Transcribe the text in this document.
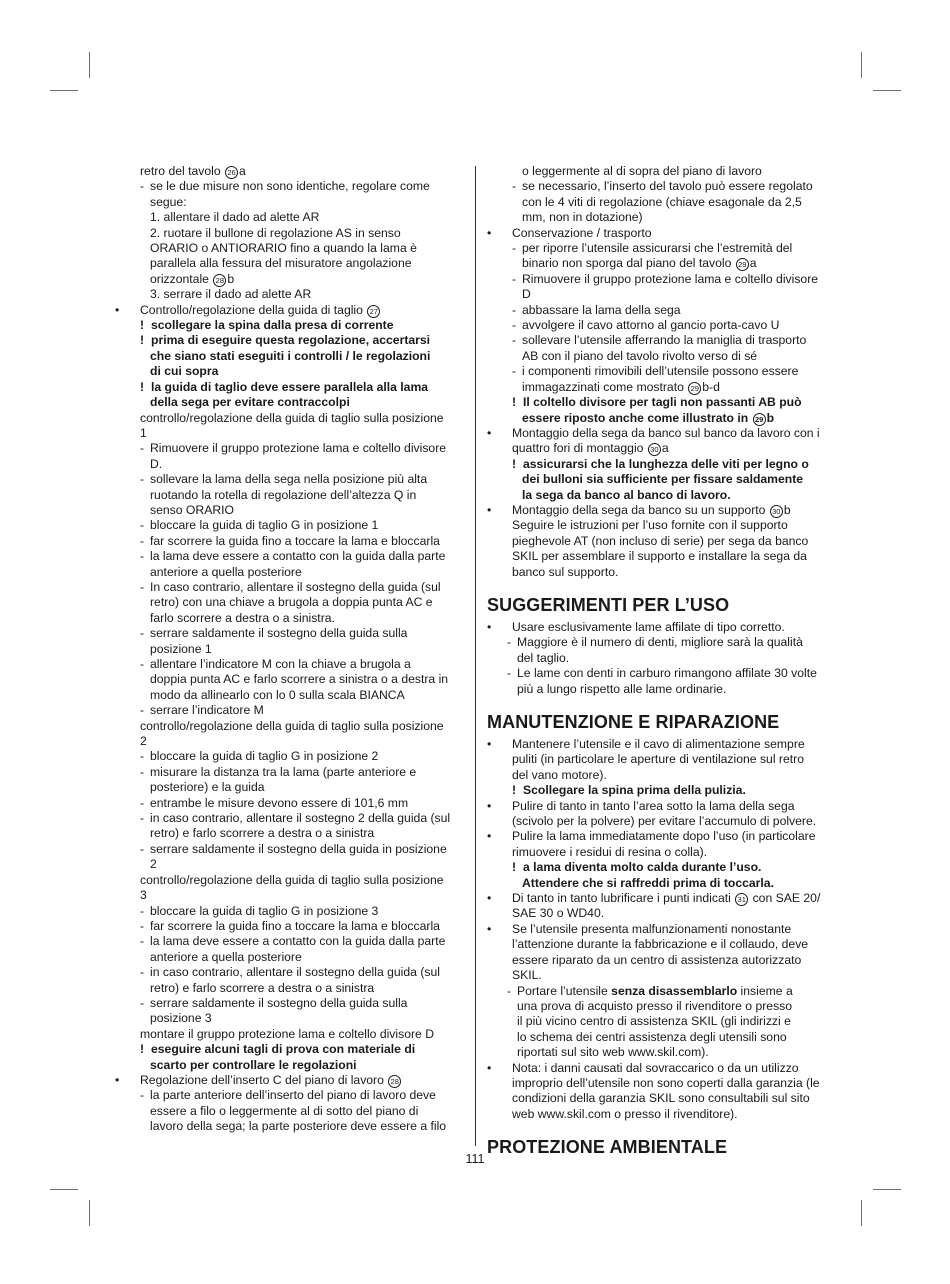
retro del tavolo 26 a
- se le due misure non sono identiche, regolare come
segue:
1. allentare il dado ad alette AR
2. ruotare il bullone di regolazione AS in senso
ORARIO o ANTIORARIO fino a quando la lama è
parallela alla fessura del misuratore angolazione
orizzontale 28 b
3. serrare il dado ad alette AR
•	Controllo/regolazione della guida di taglio 27
! scollegare la spina dalla presa di corrente
! prima di eseguire questa regolazione, accertarsi
che siano stati eseguiti i controlli / le regolazioni
di cui sopra
! la guida di taglio deve essere parallela alla lama
della sega per evitare contraccolpi
controllo/regolazione della guida di taglio sulla posizione
1
- Rimuovere il gruppo protezione lama e coltello divisore
D.
- sollevare la lama della sega nella posizione più alta
ruotando la rotella di regolazione dell’altezza Q in
senso ORARIO
- bloccare la guida di taglio G in posizione 1
- far scorrere la guida fino a toccare la lama e bloccarla
- la lama deve essere a contatto con la guida dalla parte
anteriore a quella posteriore
- In caso contrario, allentare il sostegno della guida (sul
retro) con una chiave a brugola a doppia punta AC e
farlo scorrere a destra o a sinistra.
- serrare saldamente il sostegno della guida sulla
posizione 1
- allentare l’indicatore M con la chiave a brugola a
doppia punta AC e farlo scorrere a sinistra o a destra in
modo da allinearlo con lo 0 sulla scala BIANCA
- serrare l’indicatore M
controllo/regolazione della guida di taglio sulla posizione
2
- bloccare la guida di taglio G in posizione 2
- misurare la distanza tra la lama (parte anteriore e
posteriore) e la guida
- entrambe le misure devono essere di 101,6 mm
- in caso contrario, allentare il sostegno 2 della guida (sul
retro) e farlo scorrere a destra o a sinistra
- serrare saldamente il sostegno della guida in posizione
2
controllo/regolazione della guida di taglio sulla posizione
3
- bloccare la guida di taglio G in posizione 3
- far scorrere la guida fino a toccare la lama e bloccarla
- la lama deve essere a contatto con la guida dalla parte
anteriore a quella posteriore
- in caso contrario, allentare il sostegno della guida (sul
retro) e farlo scorrere a destra o a sinistra
- serrare saldamente il sostegno della guida sulla
posizione 3
montare il gruppo protezione lama e coltello divisore D
! eseguire alcuni tagli di prova con materiale di
scarto per controllare le regolazioni
•	Regolazione dell’inserto C del piano di lavoro 28
- la parte anteriore dell’inserto del piano di lavoro deve
essere a filo o leggermente al di sotto del piano di
lavoro della sega; la parte posteriore deve essere a filo
o leggermente al di sopra del piano di lavoro
- se necessario, l’inserto del tavolo può essere regolato
con le 4 viti di regolazione (chiave esagonale da 2,5
mm, non in dotazione)
•	Conservazione / trasporto
- per riporre l’utensile assicurarsi che l’estremità del
binario non sporga dal piano del tavolo 29 a
- Rimuovere il gruppo protezione lama e coltello divisore
D
- abbassare la lama della sega
- avvolgere il cavo attorno al gancio porta-cavo U
- sollevare l’utensile afferrando la maniglia di trasporto
AB con il piano del tavolo rivolto verso di sé
- i componenti rimovibili dell’utensile possono essere
immagazzinati come mostrato 29 b-d
! Il coltello divisore per tagli non passanti AB può
essere riposto anche come illustrato in 29 b
•	Montaggio della sega da banco sul banco da lavoro con i
quattro fori di montaggio 30 a
! assicurarsi che la lunghezza delle viti per legno o
dei bulloni sia sufficiente per fissare saldamente
la sega da banco al banco di lavoro.
•	Montaggio della sega da banco su un supporto 30 b
Seguire le istruzioni per l’uso fornite con il supporto
pieghevole AT (non incluso di serie) per sega da banco
SKIL per assemblare il supporto e installare la sega da
banco sul supporto.
SUGGERIMENTI PER L’USO
•	Usare esclusivamente lame affilate di tipo corretto.
- Maggiore è il numero di denti, migliore sarà la qualità
del taglio.
- Le lame con denti in carburo rimangono affilate 30 volte
più a lungo rispetto alle lame ordinarie.
MANUTENZIONE E RIPARAZIONE
•	Mantenere l’utensile e il cavo di alimentazione sempre
puliti (in particolare le aperture di ventilazione sul retro
del vano motore).
! Scollegare la spina prima della pulizia.
•	Pulire di tanto in tanto l’area sotto la lama della sega
(scivolo per la polvere) per evitare l’accumulo di polvere.
•	Pulire la lama immediatamente dopo l’uso (in particolare
rimuovere i residui di resina o colla).
! a lama diventa molto calda durante l’uso.
Attendere che si raffreddi prima di toccarla.
•	Di tanto in tanto lubrificare i punti indicati 31 con SAE 20/
SAE 30 o WD40.
•	Se l’utensile presenta malfunzionamenti nonostante
l’attenzione durante la fabbricazione e il collaudo, deve
essere riparato da un centro di assistenza autorizzato
SKIL.
- Portare l’utensile senza disassemblarlo insieme a
una prova di acquisto presso il rivenditore o presso
il più vicino centro di assistenza SKIL (gli indirizzi e
lo schema dei centri assistenza degli utensili sono
riportati sul sito web www.skil.com).
•	Nota: i danni causati dal sovraccarico o da un utilizzo
improprio dell’utensile non sono coperti dalla garanzia (le
condizioni della garanzia SKIL sono consultabili sul sito
web www.skil.com o presso il rivenditore).
PROTEZIONE AMBIENTALE
111
